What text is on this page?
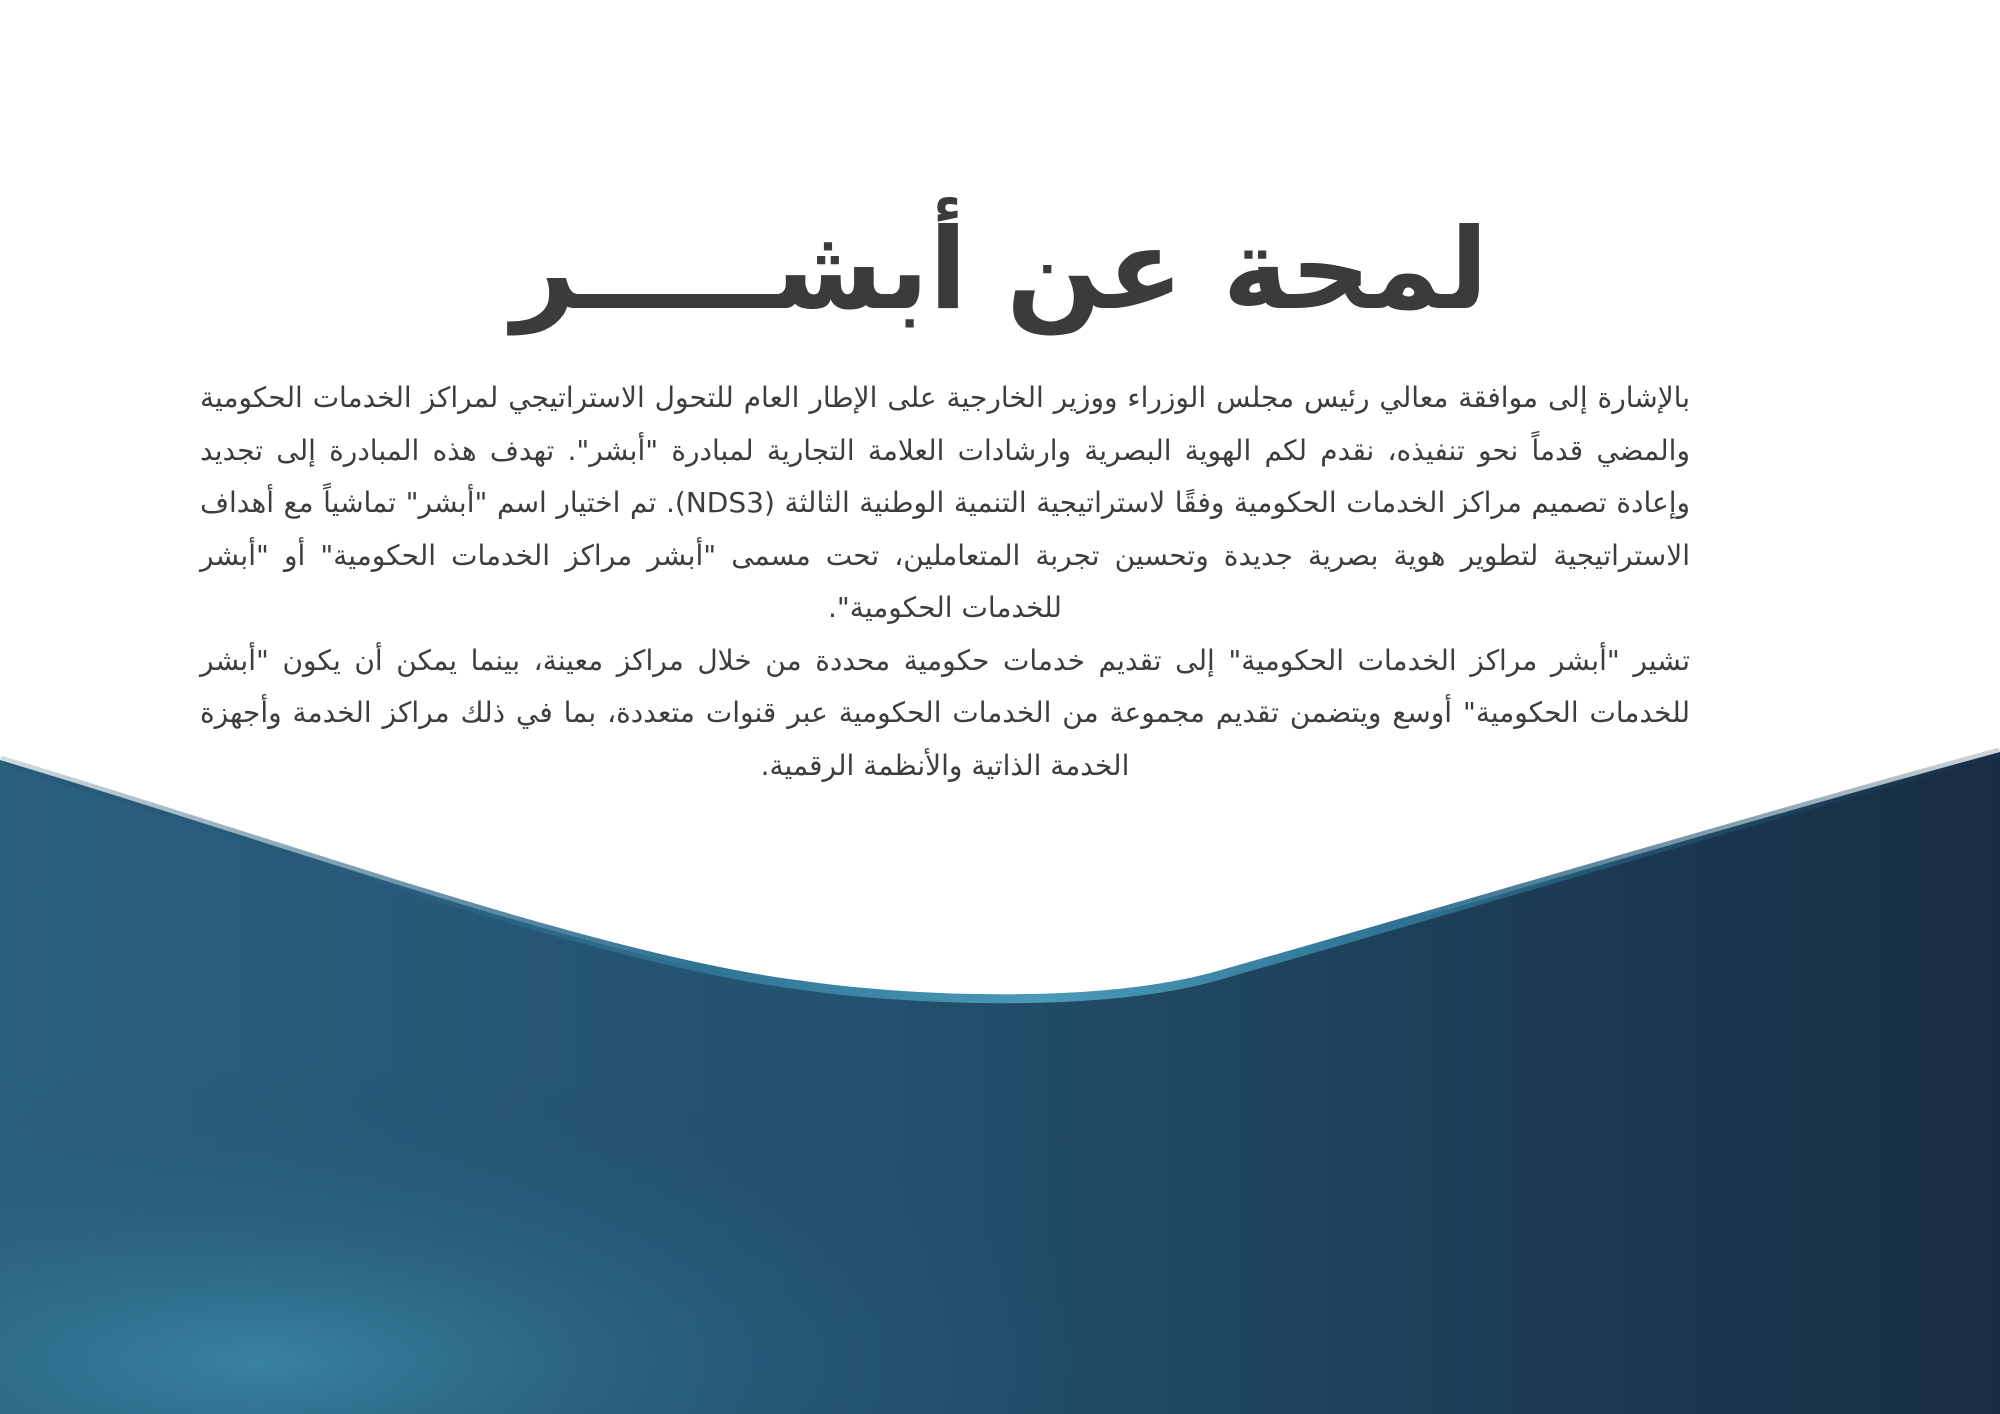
لمحة عن أبشـــــر

بالإشارة إلى موافقة معالي رئيس مجلس الوزراء ووزير الخارجية على الإطار العام للتحول الاستراتيجي لمراكز الخدمات الحكومية والمضي قدماً نحو تنفيذه، نقدم لكم الهوية البصرية وارشادات العلامة التجارية لمبادرة "أبشر". تهدف هذه المبادرة إلى تجديد وإعادة تصميم مراكز الخدمات الحكومية وفقًا لاستراتيجية التنمية الوطنية الثالثة (NDS3). تم اختيار اسم "أبشر" تماشياً مع أهداف الاستراتيجية لتطوير هوية بصرية جديدة وتحسين تجربة المتعاملين، تحت مسمى "أبشر مراكز الخدمات الحكومية" أو "أبشر للخدمات الحكومية".

تشير "أبشر مراكز الخدمات الحكومية" إلى تقديم خدمات حكومية محددة من خلال مراكز معينة، بينما يمكن أن يكون "أبشر للخدمات الحكومية" أوسع ويتضمن تقديم مجموعة من الخدمات الحكومية عبر قنوات متعددة، بما في ذلك مراكز الخدمة وأجهزة الخدمة الذاتية والأنظمة الرقمية.
